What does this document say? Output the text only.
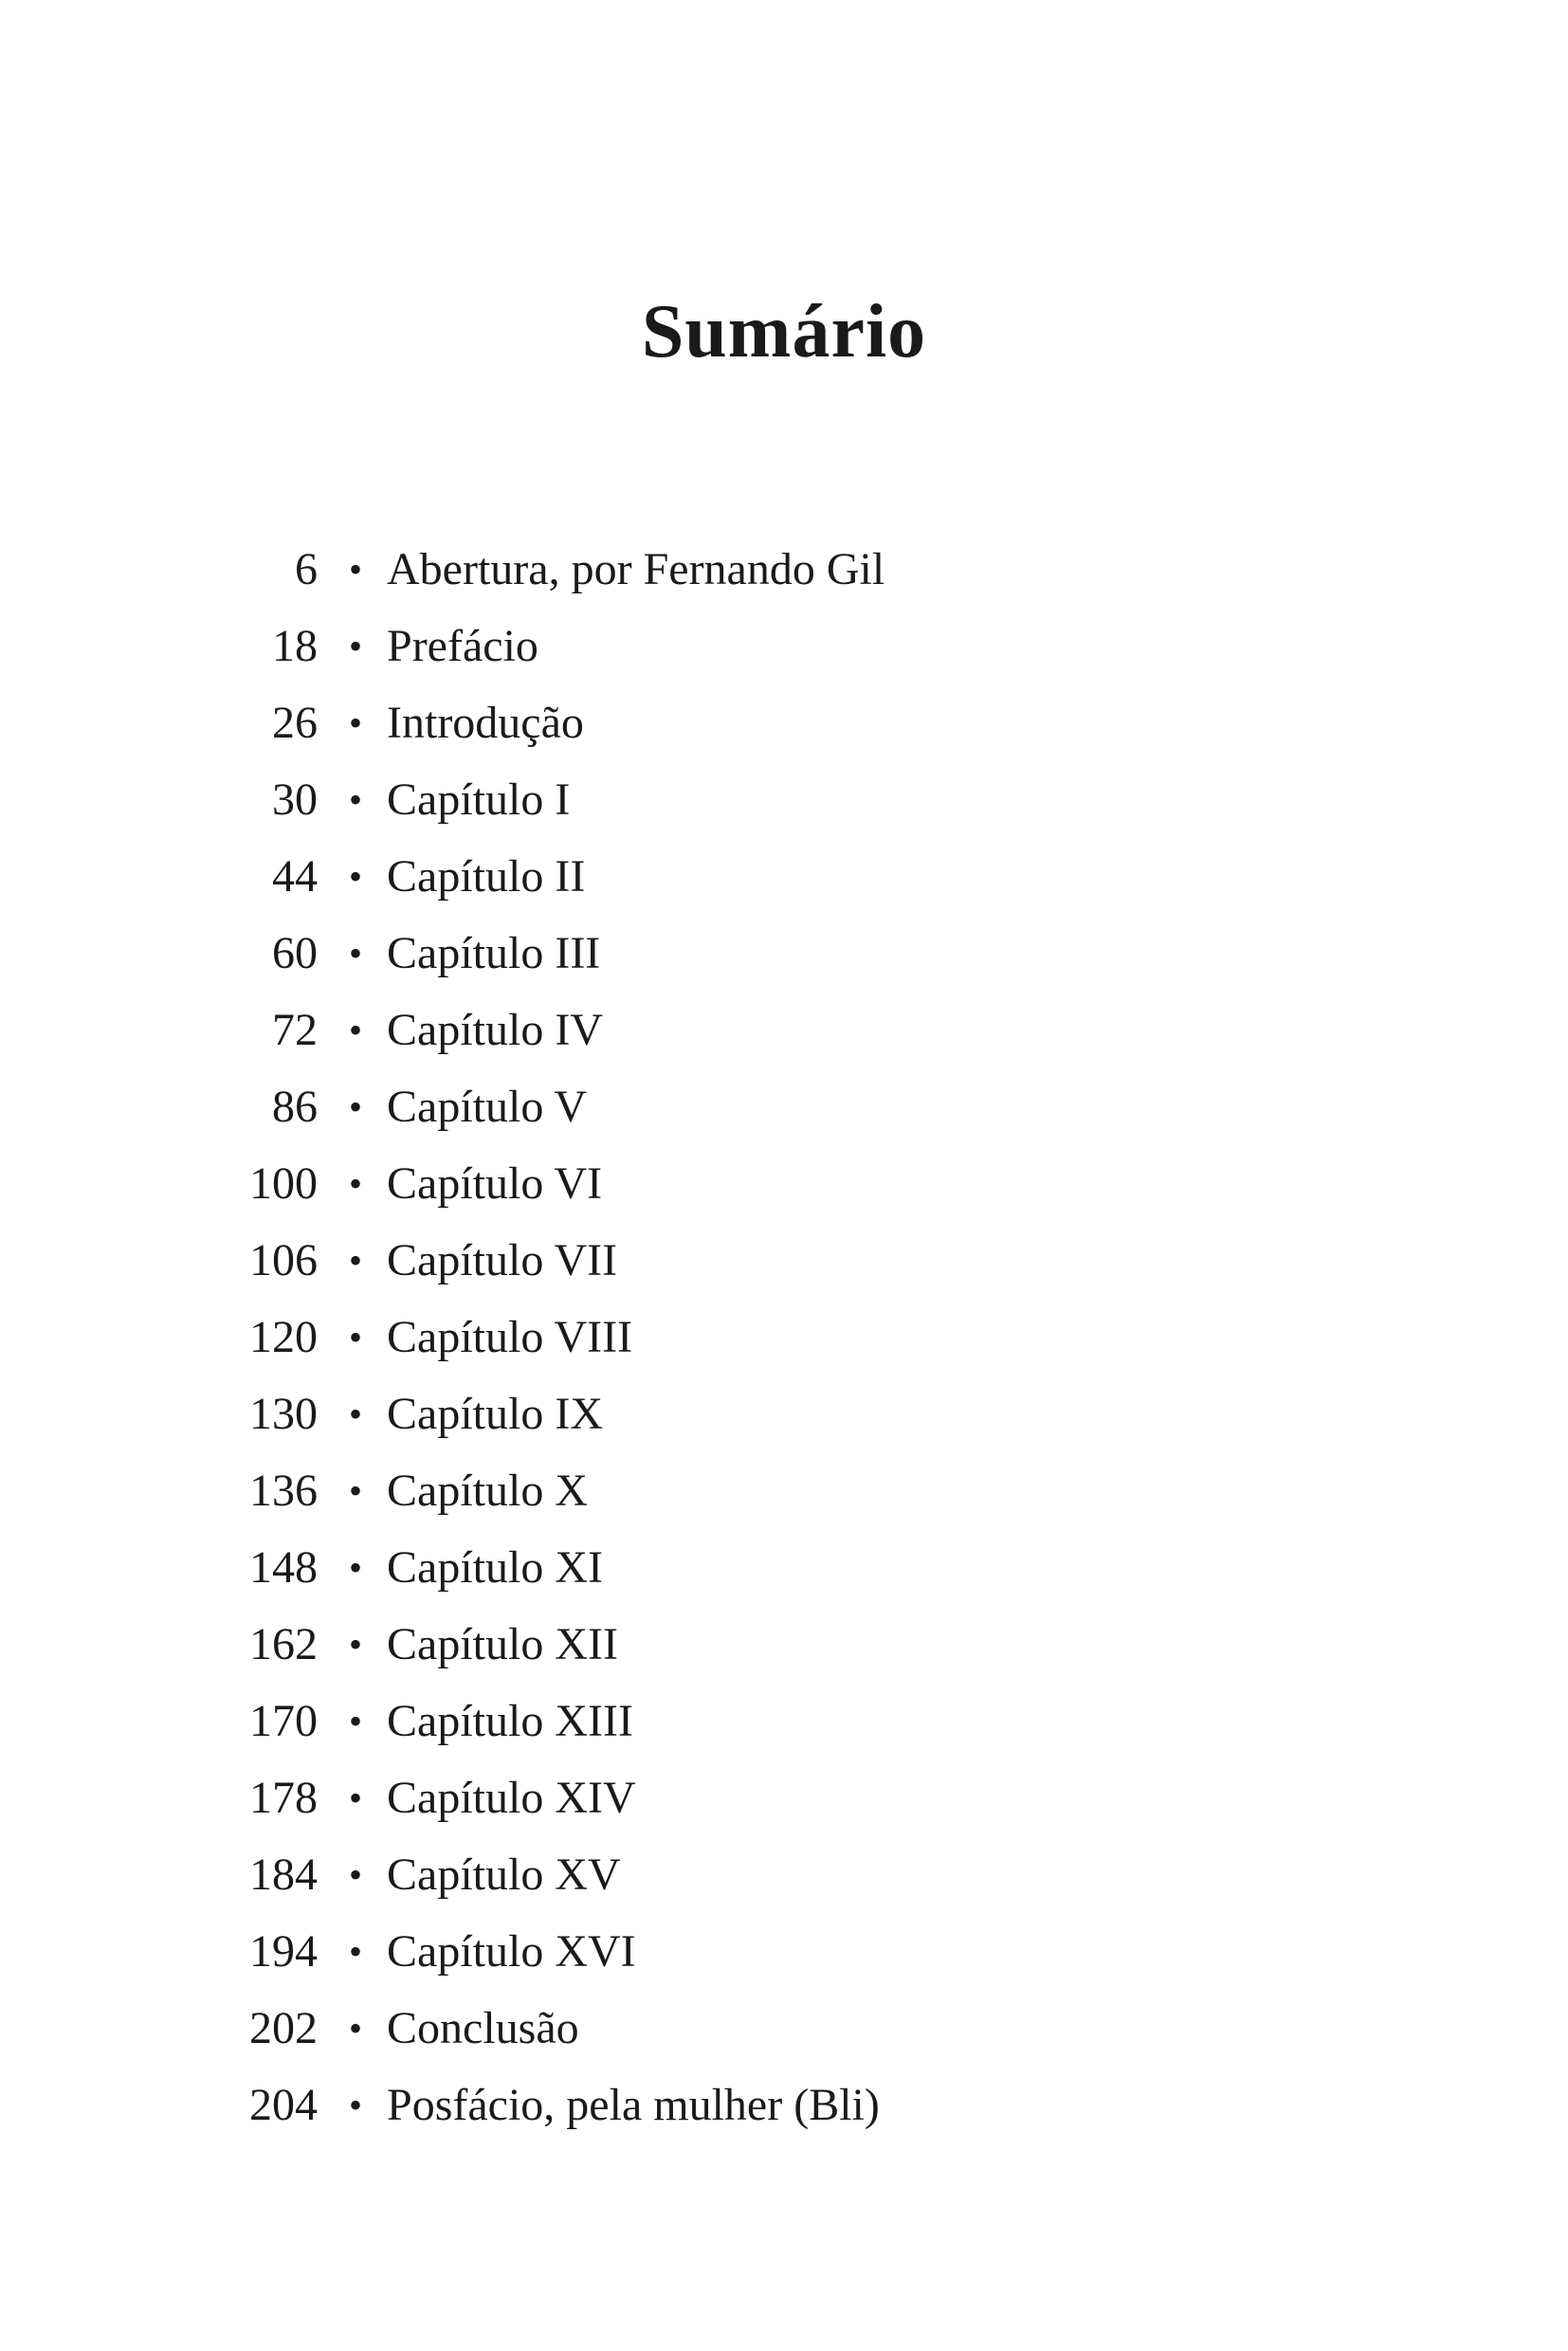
Sumário
6 • Abertura, por Fernando Gil
18 • Prefácio
26 • Introdução
30 • Capítulo I
44 • Capítulo II
60 • Capítulo III
72 • Capítulo IV
86 • Capítulo V
100 • Capítulo VI
106 • Capítulo VII
120 • Capítulo VIII
130 • Capítulo IX
136 • Capítulo X
148 • Capítulo XI
162 • Capítulo XII
170 • Capítulo XIII
178 • Capítulo XIV
184 • Capítulo XV
194 • Capítulo XVI
202 • Conclusão
204 • Posfácio, pela mulher (Bli)
